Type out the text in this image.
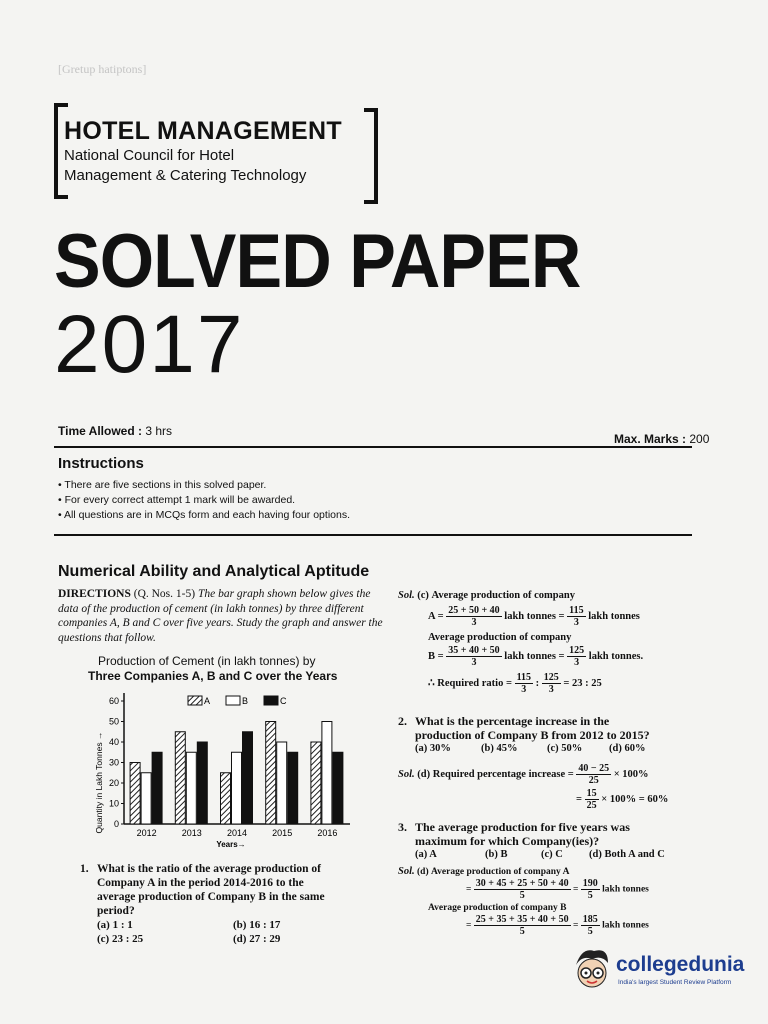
[Gretup hatiptons]
HOTEL MANAGEMENT
National Council for Hotel
Management & Catering Technology
SOLVED PAPER
2017
Time Allowed : 3 hrs
Max. Marks : 200
Instructions
• There are five sections in this solved paper.
• For every correct attempt 1 mark will be awarded.
• All questions are in MCQs form and each having four options.
Numerical Ability and Analytical Aptitude
DIRECTIONS (Q. Nos. 1-5) The bar graph shown below gives the data of the production of cement (in lakh tonnes) by three different companies A, B and C over five years. Study the graph and answer the questions that follow.
Production of Cement (in lakh tonnes) by
Three Companies A, B and C over the Years
0
10
20
30
40
50
60
Quantity in Lakh Tonnes →	2012	2013	2014	2015	2016
Years→
A	B	C
1. What is the ratio of the average production of
Company A in the period 2014-2016 to the
average production of Company B in the same
period?
(a) 1 : 1	(b) 16 : 17
(c) 23 : 25	(d) 27 : 29
Sol. (c) Average production of company
$A = \frac{25 + 50 + 40}{3}$ lakh tonnes = $\frac{115}{3}$ lakh tonnes
Average production of company
$B = \frac{35 + 40 + 50}{3}$ lakh tonnes = $\frac{125}{3}$ lakh tonnes.
∴ Required ratio = $\frac{115}{3}$ : $\frac{125}{3} = 23$ : 25
2. What is the percentage increase in the
production of Company B from 2012 to 2015?
(a) 30%	(b) 45%	(c) 50%	(d) 60%
Sol. (d) Required percentage increase = $\frac{40 - 25}{25} \times 100\%$
= $\frac{15}{25} \times 100\% = 60\%$
3. The average production for five years was
maximum for which Company(ies)?
(a) A	(b) B	(c) C (d) Both A and C
Sol. (d) Average production of company A
= $\frac{30 + 45 + 25 + 50 + 40}{5} = \frac{190}{5}$ lakh tonnes
Average production of company B
= $\frac{25 + 35 + 35 + 40 + 50}{5} = \frac{185}{5}$ lakh tonnes
collegedunia
India's largest Student Review Platform
